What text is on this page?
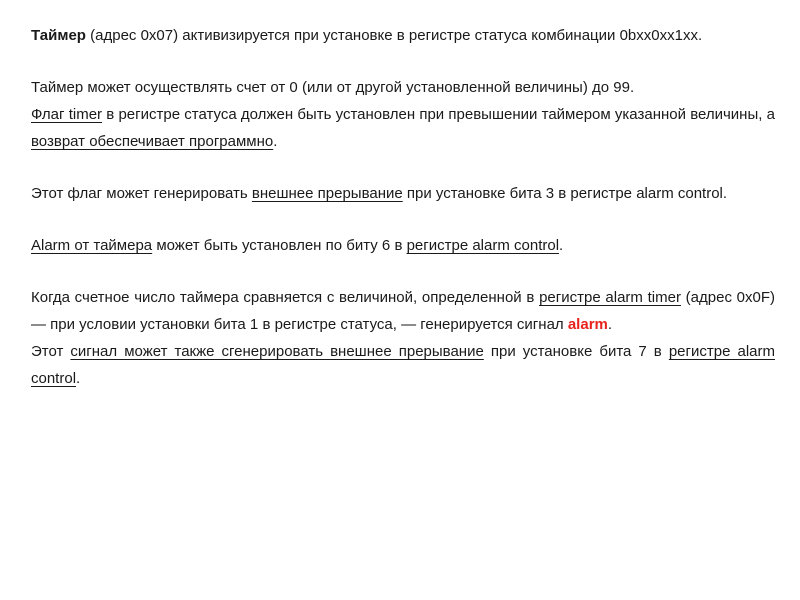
Таймер (адрес 0х07) активизируется при установке в регистре статуса комбинации 0bxx0xx1xx.

Таймер может осуществлять счет от 0 (или от другой установленной величины) до 99.

Флаг timer в регистре статуса должен быть установлен при превышении таймером указанной величины, а возврат обеспечивает программно.

Этот флаг может генерировать внешнее прерывание при установке бита 3 в регистре alarm control.

Alarm от таймера может быть установлен по биту 6 в регистре alarm control.

Когда счетное число таймера сравняется с величиной, определенной в регистре alarm timer (адрес 0x0F) — при условии установки бита 1 в регистре статуса, — генерируется сигнал alarm.

Этот сигнал может также сгенерировать внешнее прерывание при установке бита 7 в регистре alarm control.
